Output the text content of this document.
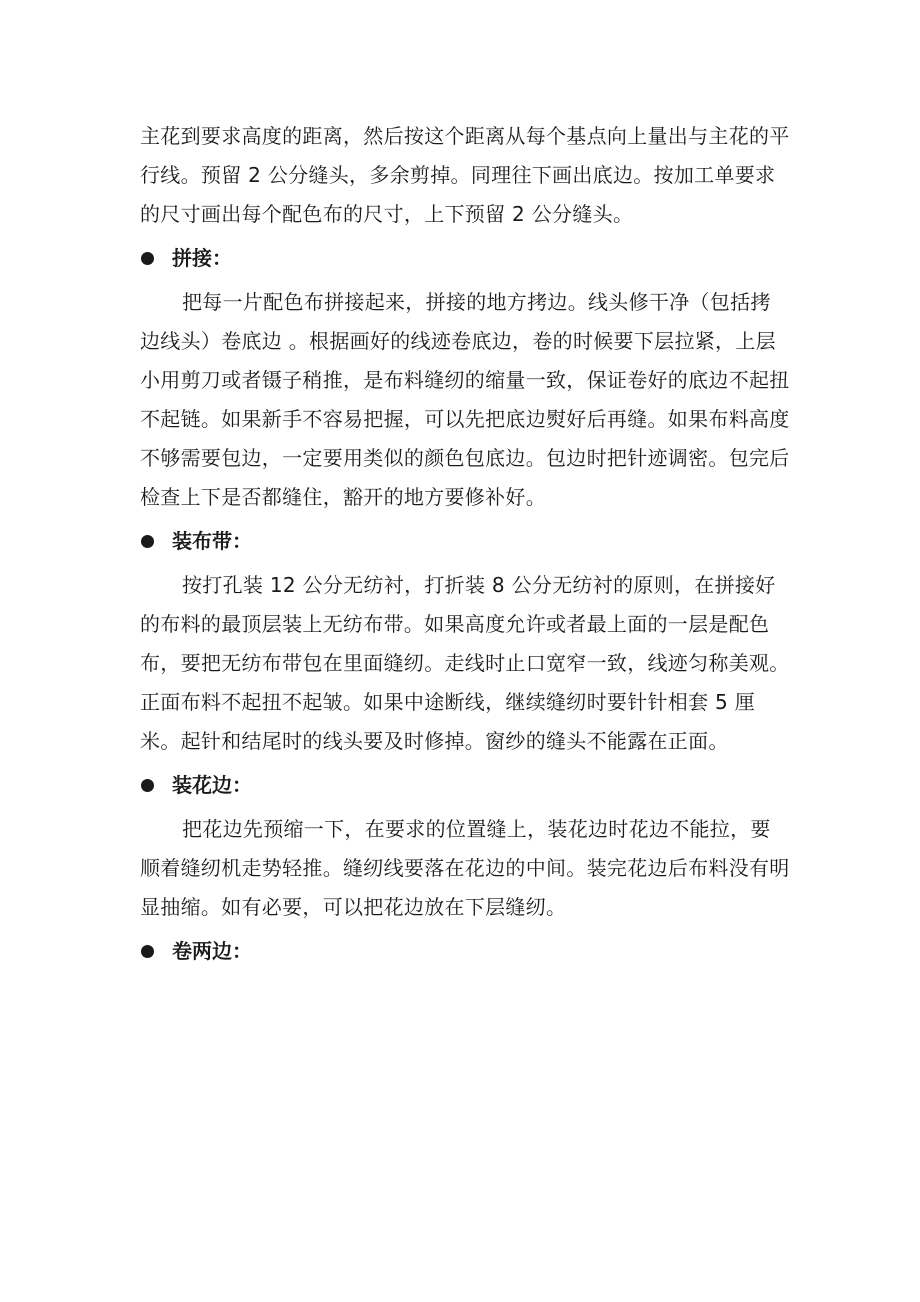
主花到要求高度的距离，然后按这个距离从每个基点向上量出与主花的平行线。预留 2 公分缝头，多余剪掉。同理往下画出底边。按加工单要求的尺寸画出每个配色布的尺寸，上下预留 2 公分缝头。

拼接：

把每一片配色布拼接起来，拼接的地方拷边。线头修干净（包括拷边线头）卷底边 。根据画好的线迹卷底边，卷的时候要下层拉紧，上层小用剪刀或者镊子稍推，是布料缝纫的缩量一致，保证卷好的底边不起扭不起链。如果新手不容易把握，可以先把底边熨好后再缝。如果布料高度不够需要包边，一定要用类似的颜色包底边。包边时把针迹调密。包完后检查上下是否都缝住，豁开的地方要修补好。

装布带：

按打孔装 12 公分无纺衬，打折装 8 公分无纺衬的原则，在拼接好的布料的最顶层装上无纺布带。如果高度允许或者最上面的一层是配色布，要把无纺布带包在里面缝纫。走线时止口宽窄一致，线迹匀称美观。正面布料不起扭不起皱。如果中途断线，继续缝纫时要针针相套 5 厘米。起针和结尾时的线头要及时修掉。窗纱的缝头不能露在正面。

装花边：

把花边先预缩一下，在要求的位置缝上，装花边时花边不能拉，要顺着缝纫机走势轻推。缝纫线要落在花边的中间。装完花边后布料没有明显抽缩。如有必要，可以把花边放在下层缝纫。

卷两边：
